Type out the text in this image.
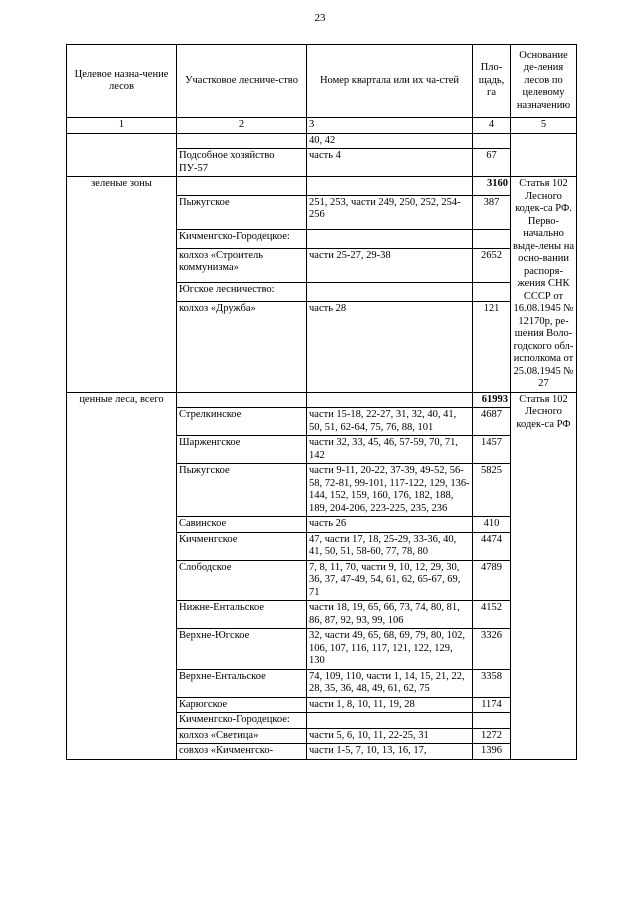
23
Целевое назна-чение лесов	Участковое лесниче-ство	Номер квартала или их ча-стей	Пло-щадь, га	Основание де-ления лесов по целевому назначению
1	2	3	4	5
		40, 42		
	Подсобное хозяйство ПУ-57	часть 4	67	
зеленые зоны			3160	Статья 102 Лесного кодек-са РФ. Перво-начально выде-лены на осно-вании распоря-жения СНК СССР от 16.08.1945 № 12170р, ре-шения Воло-годского обл-исполкома от 25.08.1945 № 27
	Пыжугское	251, 253, части 249, 250, 252, 254-256	387	
	Кичменгско-Городецкое:			
	колхоз «Строитель коммунизма»	части 25-27, 29-38	2652	
	Югское лесничество:			
	колхоз «Дружба»	часть 28	121	
ценные леса, всего			61993	Статья 102 Лесного кодек-са РФ
	Стрелкинское	части 15-18, 22-27, 31, 32, 40, 41, 50, 51, 62-64, 75, 76, 88, 101	4687	
	Шарженгское	части 32, 33, 45, 46, 57-59, 70, 71, 142	1457	
	Пыжугское	части 9-11, 20-22, 37-39, 49-52, 56-58, 72-81, 99-101, 117-122, 129, 136-144, 152, 159, 160, 176, 182, 188, 189, 204-206, 223-225, 235, 236	5825	
	Савинское	часть 26	410	
	Кичменгское	47, части 17, 18, 25-29, 33-36, 40, 41, 50, 51, 58-60, 77, 78, 80	4474	
	Слободское	7, 8, 11, 70, части 9, 10, 12, 29, 30, 36, 37, 47-49, 54, 61, 62, 65-67, 69, 71	4789	
	Нижне-Ентальское	части 18, 19, 65, 66, 73, 74, 80, 81, 86, 87, 92, 93, 99, 106	4152	
	Верхне-Югское	32, части 49, 65, 68, 69, 79, 80, 102, 106, 107, 116, 117, 121, 122, 129, 130	3326	
	Верхне-Ентальское	74, 109, 110, части 1, 14, 15, 21, 22, 28, 35, 36, 48, 49, 61, 62, 75	3358	
	Карюгское	части 1, 8, 10, 11, 19, 28	1174	
	Кичменгско-Городецкое:			
	колхоз «Светица»	части 5, 6, 10, 11, 22-25, 31	1272	
	совхоз «Кичменгско-	части 1-5, 7, 10, 13, 16, 17,	1396	
